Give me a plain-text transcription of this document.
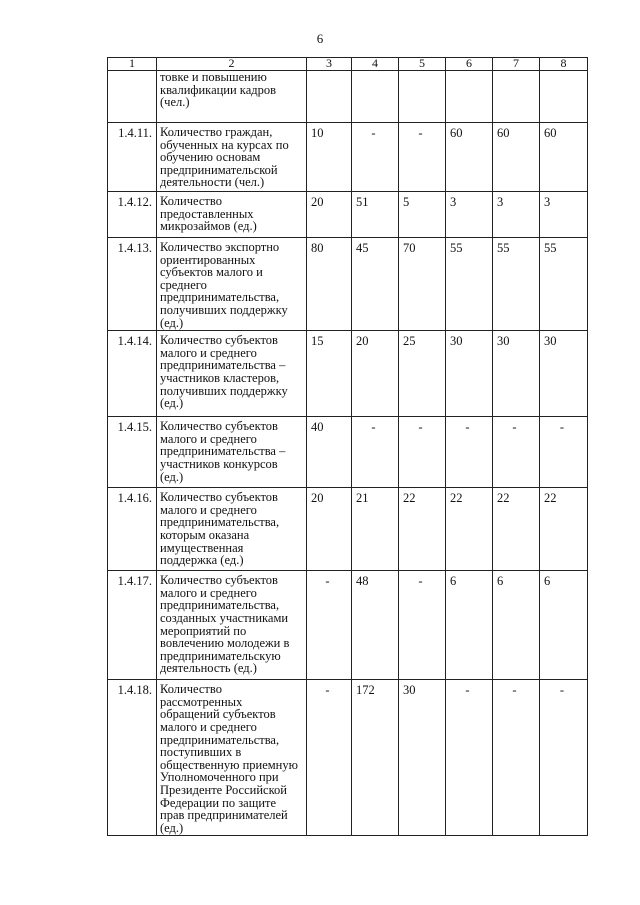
6
1	2	3	4	5	6	7	8
	товке и повышению квалификации кадров (чел.)						
1.4.11.	Количество граждан, обученных на курсах по обучению основам предпринимательской деятельности (чел.)	10	-	-	60	60	60
1.4.12.	Количество предоставленных микрозаймов (ед.)	20	51	5	3	3	3
1.4.13.	Количество экспортно ориентированных субъектов малого и среднего предпринимательства, получивших поддержку (ед.)	80	45	70	55	55	55
1.4.14.	Количество субъектов малого и среднего предпринимательства – участников кластеров, получивших поддержку (ед.)	15	20	25	30	30	30
1.4.15.	Количество субъектов малого и среднего предпринимательства – участников конкурсов (ед.)	40	-	-	-	-	-
1.4.16.	Количество субъектов малого и среднего предпринимательства, которым оказана имущественная поддержка (ед.)	20	21	22	22	22	22
1.4.17.	Количество субъектов малого и среднего предпринимательства, созданных участниками мероприятий по вовлечению молодежи в предпринимательскую деятельность (ед.)	-	48	-	6	6	6
1.4.18.	Количество рассмотренных обращений субъектов малого и среднего предпринимательства, поступивших в общественную приемную Уполномоченного при Президенте Российской Федерации по защите прав предпринимателей (ед.)	-	172	30	-	-	-
